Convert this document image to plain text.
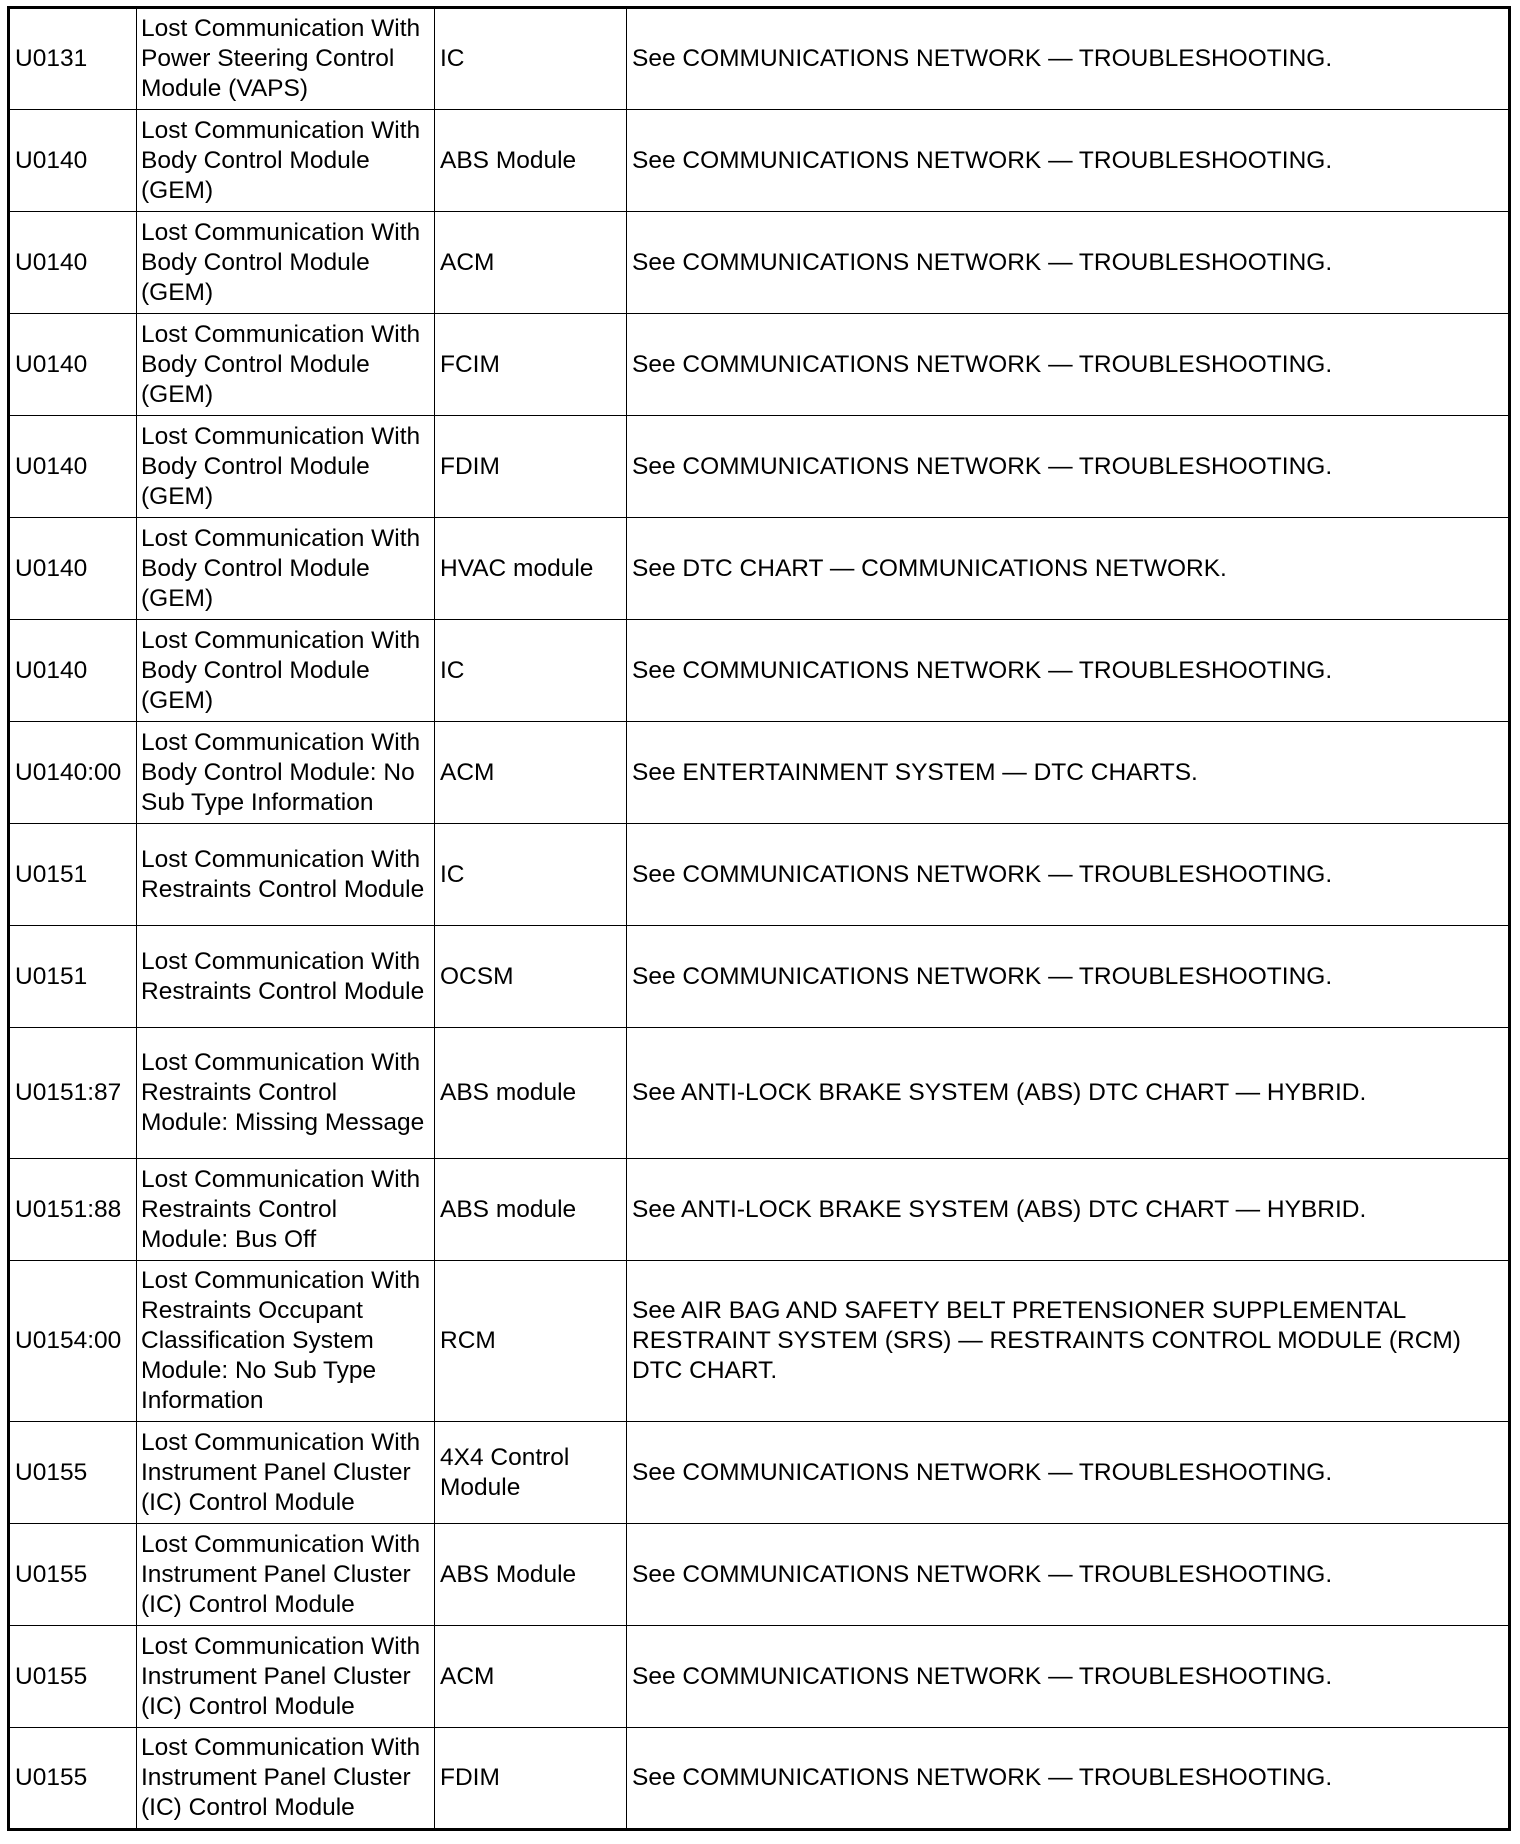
U0131	Lost Communication With Power Steering Control Module (VAPS)	IC	See COMMUNICATIONS NETWORK — TROUBLESHOOTING.
U0140	Lost Communication With Body Control Module (GEM)	ABS Module	See COMMUNICATIONS NETWORK — TROUBLESHOOTING.
U0140	Lost Communication With Body Control Module (GEM)	ACM	See COMMUNICATIONS NETWORK — TROUBLESHOOTING.
U0140	Lost Communication With Body Control Module (GEM)	FCIM	See COMMUNICATIONS NETWORK — TROUBLESHOOTING.
U0140	Lost Communication With Body Control Module (GEM)	FDIM	See COMMUNICATIONS NETWORK — TROUBLESHOOTING.
U0140	Lost Communication With Body Control Module (GEM)	HVAC module	See DTC CHART — COMMUNICATIONS NETWORK.
U0140	Lost Communication With Body Control Module (GEM)	IC	See COMMUNICATIONS NETWORK — TROUBLESHOOTING.
U0140:00	Lost Communication With Body Control Module: No Sub Type Information	ACM	See ENTERTAINMENT SYSTEM — DTC CHARTS.
U0151	Lost Communication With Restraints Control Module	IC	See COMMUNICATIONS NETWORK — TROUBLESHOOTING.
U0151	Lost Communication With Restraints Control Module	OCSM	See COMMUNICATIONS NETWORK — TROUBLESHOOTING.
U0151:87	Lost Communication With Restraints Control Module: Missing Message	ABS module	See ANTI-LOCK BRAKE SYSTEM (ABS) DTC CHART — HYBRID.
U0151:88	Lost Communication With Restraints Control Module: Bus Off	ABS module	See ANTI-LOCK BRAKE SYSTEM (ABS) DTC CHART — HYBRID.
U0154:00	Lost Communication With Restraints Occupant Classification System Module: No Sub Type Information	RCM	See AIR BAG AND SAFETY BELT PRETENSIONER SUPPLEMENTAL RESTRAINT SYSTEM (SRS) — RESTRAINTS CONTROL MODULE (RCM) DTC CHART.
U0155	Lost Communication With Instrument Panel Cluster (IC) Control Module	4X4 Control Module	See COMMUNICATIONS NETWORK — TROUBLESHOOTING.
U0155	Lost Communication With Instrument Panel Cluster (IC) Control Module	ABS Module	See COMMUNICATIONS NETWORK — TROUBLESHOOTING.
U0155	Lost Communication With Instrument Panel Cluster (IC) Control Module	ACM	See COMMUNICATIONS NETWORK — TROUBLESHOOTING.
U0155	Lost Communication With Instrument Panel Cluster (IC) Control Module	FDIM	See COMMUNICATIONS NETWORK — TROUBLESHOOTING.
